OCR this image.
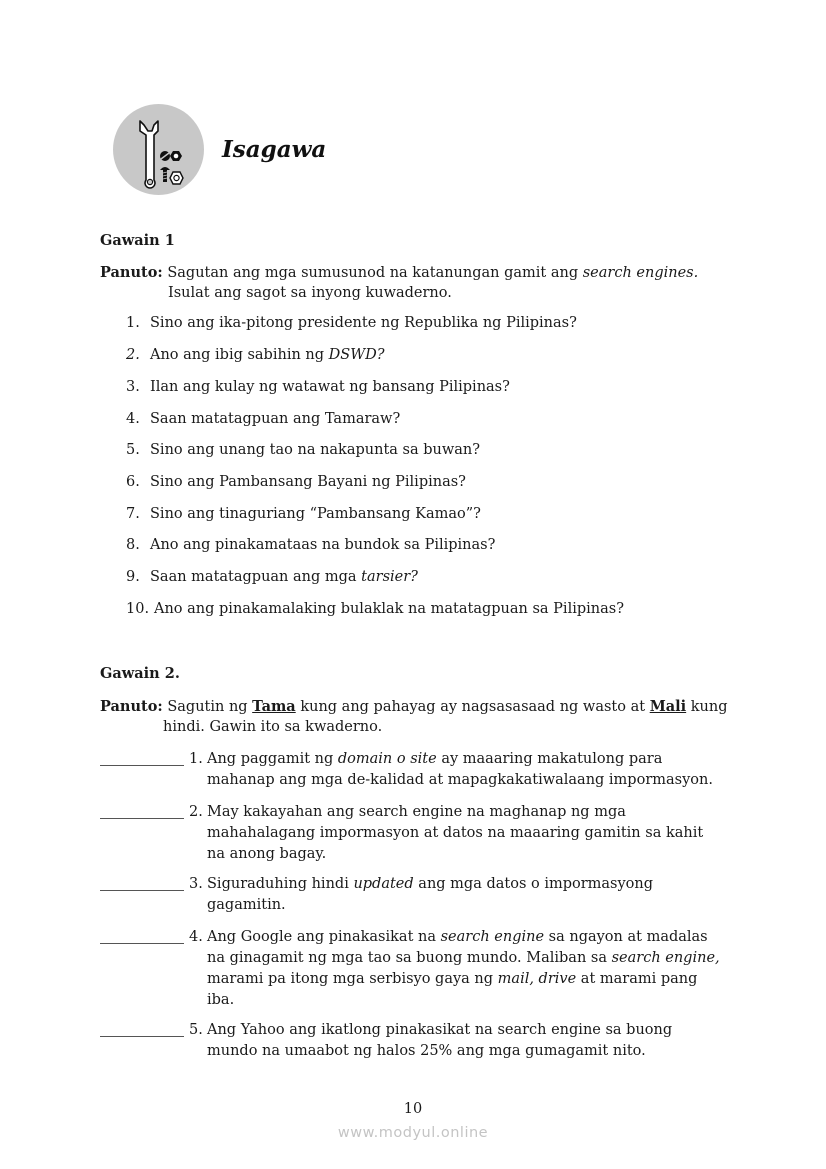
Isagawa
Gawain 1
Panuto: Sagutan ang mga sumusunod na katanungan gamit ang search engines.
Isulat ang sagot sa inyong kuwaderno.
1. Sino ang ika-pitong presidente ng Republika ng Pilipinas?
2. Ano ang ibig sabihin ng DSWD?
3. Ilan ang kulay ng watawat ng bansang Pilipinas?
4. Saan matatagpuan ang Tamaraw?
5. Sino ang unang tao na nakapunta sa buwan?
6. Sino ang Pambansang Bayani ng Pilipinas?
7. Sino ang tinaguriang “Pambansang Kamao”?
8. Ano ang pinakamataas na bundok sa Pilipinas?
9. Saan matatagpuan ang mga tarsier?
10. Ano ang pinakamalaking bulaklak na matatagpuan sa Pilipinas?
Gawain 2.
Panuto: Sagutin ng Tama kung ang pahayag ay nagsasasaad ng wasto at Mali kung
hindi. Gawin ito sa kwaderno.
1. Ang paggamit ng domain o site ay maaaring makatulong para
mahanap ang mga de-kalidad at mapagkakatiwalaang impormasyon.
2. May kakayahan ang search engine na maghanap ng mga
mahahalagang impormasyon at datos na maaaring gamitin sa kahit
na anong bagay.
3. Siguraduhing hindi updated ang mga datos o impormasyong
gagamitin.
4. Ang Google ang pinakasikat na search engine sa ngayon at madalas
na ginagamit ng mga tao sa buong mundo. Maliban sa search engine,
marami pa itong mga serbisyo gaya ng mail, drive at marami pang
iba.
5. Ang Yahoo ang ikatlong pinakasikat na search engine sa buong
mundo na umaabot ng halos 25% ang mga gumagamit nito.
10
www.modyul.online
